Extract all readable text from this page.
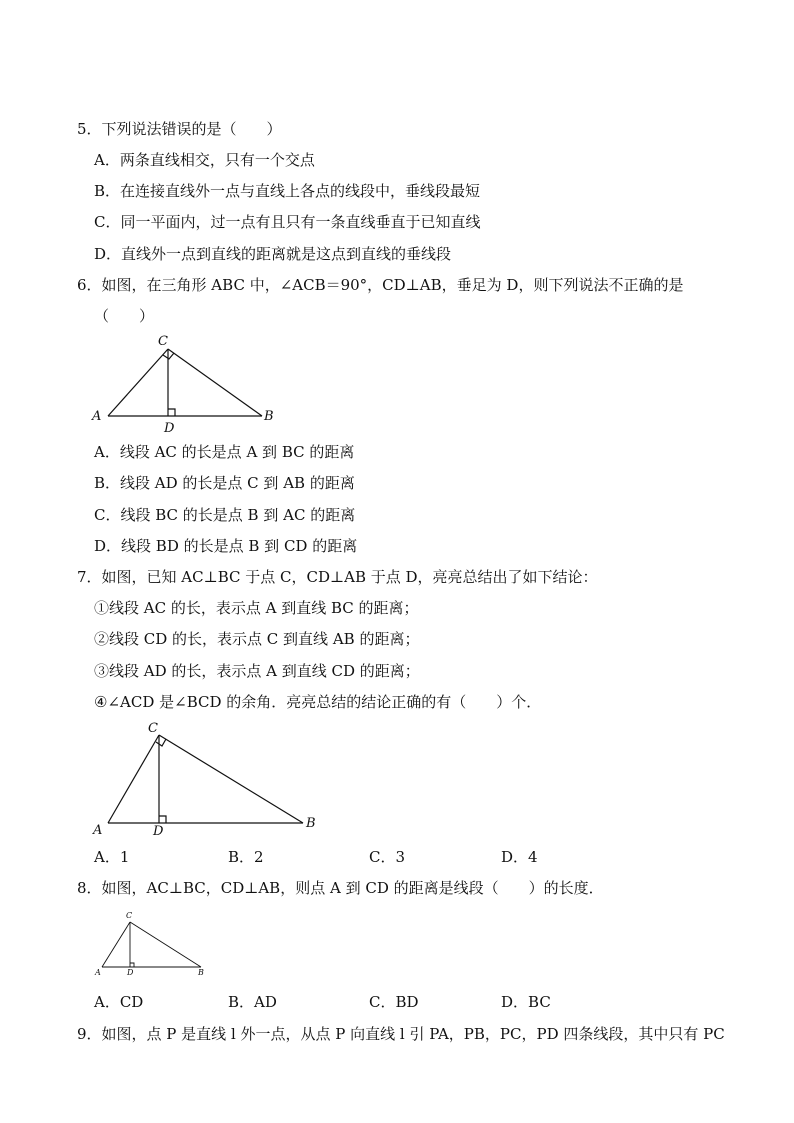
5．下列说法错误的是（　　）
A．两条直线相交，只有一个交点
B．在连接直线外一点与直线上各点的线段中，垂线段最短
C．同一平面内，过一点有且只有一条直线垂直于已知直线
D．直线外一点到直线的距离就是这点到直线的垂线段
6．如图，在三角形 ABC 中，∠ACB＝90°，CD⊥AB，垂足为 D，则下列说法不正确的是
（　　）
A	B
C
D
A．线段 AC 的长是点 A 到 BC 的距离
B．线段 AD 的长是点 C 到 AB 的距离
C．线段 BC 的长是点 B 到 AC 的距离
D．线段 BD 的长是点 B 到 CD 的距离
7．如图，已知 AC⊥BC 于点 C，CD⊥AB 于点 D，亮亮总结出了如下结论：
①线段 AC 的长，表示点 A 到直线 BC 的距离；
②线段 CD 的长，表示点 C 到直线 AB 的距离；
③线段 AD 的长，表示点 A 到直线 CD 的距离；
④∠ACD 是∠BCD 的余角．亮亮总结的结论正确的有（　　）个．
A	B
C
D
A．1	B．2	C．3	D．4
8．如图，AC⊥BC，CD⊥AB，则点 A 到 CD 的距离是线段（　　）的长度．
A	B
C
D
A．CD	B．AD	C．BD	D．BC
9．如图，点 P 是直线 l 外一点，从点 P 向直线 l 引 PA，PB，PC，PD 四条线段，其中只有 PC
